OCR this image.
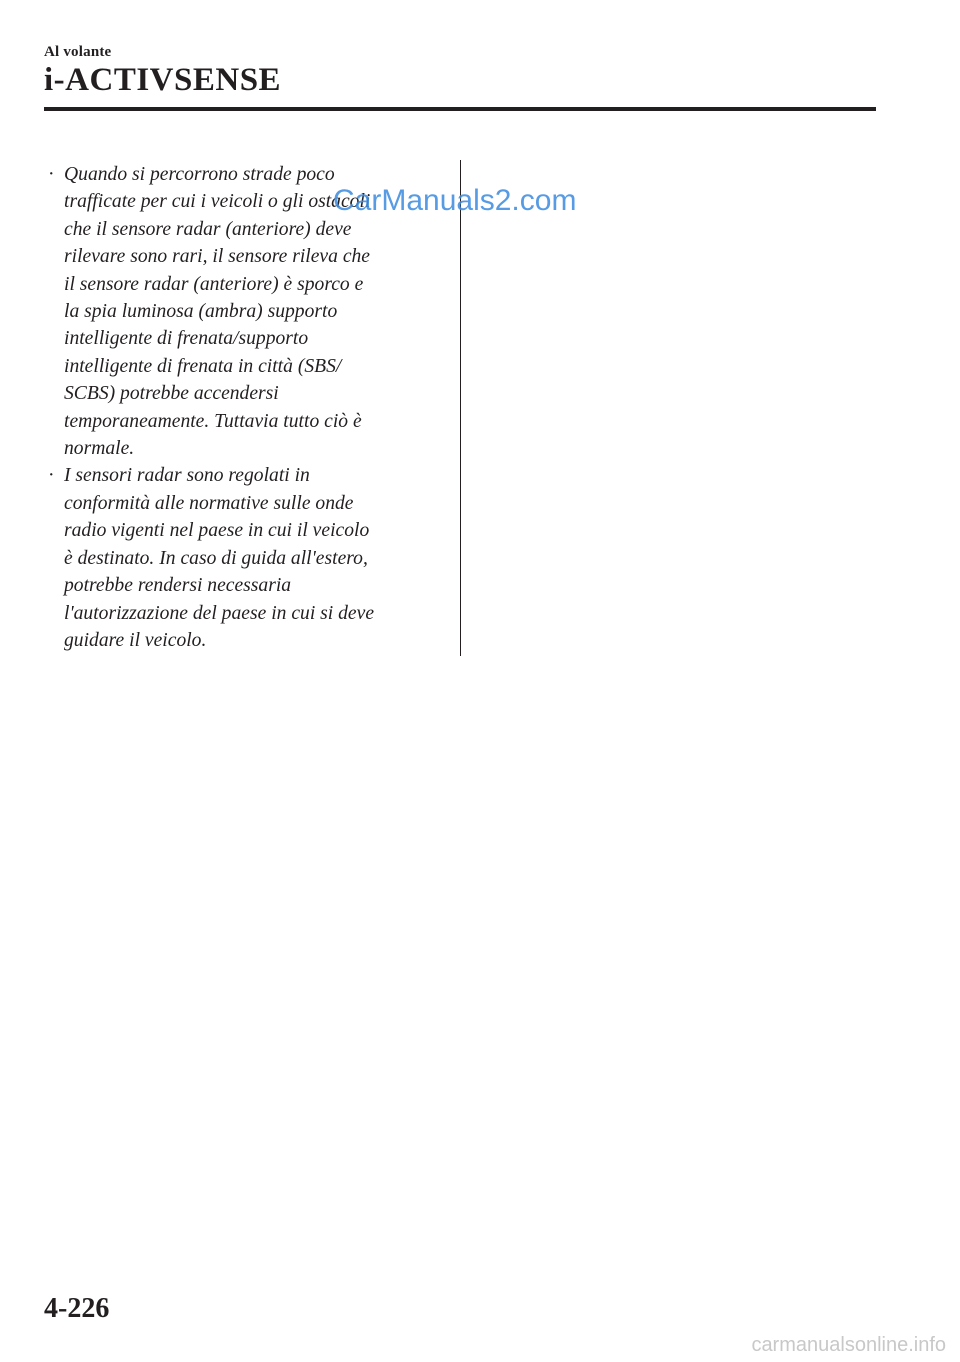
Al volante
i-ACTIVSENSE
· Quando si percorrono strade poco
trafficate per cui i veicoli o gli ostacoli
che il sensore radar (anteriore) deve
rilevare sono rari, il sensore rileva che
il sensore radar (anteriore) è sporco e
la spia luminosa (ambra) supporto
intelligente di frenata/supporto
intelligente di frenata in città (SBS/
SCBS) potrebbe accendersi
temporaneamente. Tuttavia tutto ciò è
normale.
· I sensori radar sono regolati in
conformità alle normative sulle onde
radio vigenti nel paese in cui il veicolo
è destinato. In caso di guida all'estero,
potrebbe rendersi necessaria
l'autorizzazione del paese in cui si deve
guidare il veicolo.
CarManuals2.com
4-226
carmanualsonline.info
